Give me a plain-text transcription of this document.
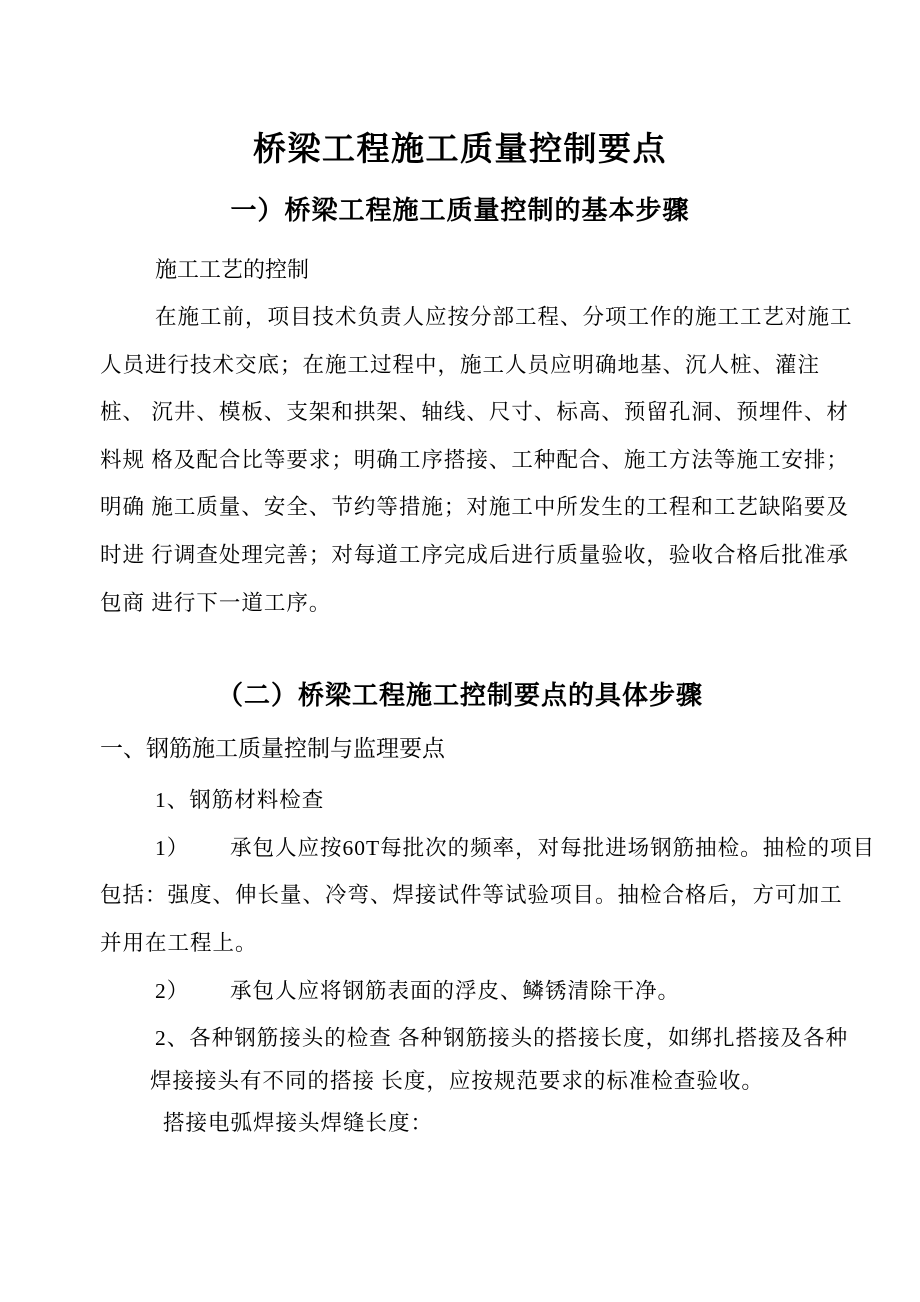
桥梁工程施工质量控制要点
一）桥梁工程施工质量控制的基本步骤

施工工艺的控制

在施工前，项目技术负责人应按分部工程、分项工作的施工工艺对施工
人员进行技术交底；在施工过程中，施工人员应明确地基、沉人桩、灌注
桩、 沉井、模板、支架和拱架、轴线、尺寸、标高、预留孔洞、预埋件、材
料规 格及配合比等要求；明确工序搭接、工种配合、施工方法等施工安排；
明确 施工质量、安全、节约等措施；对施工中所发生的工程和工艺缺陷要及
时进 行调查处理完善；对每道工序完成后进行质量验收，验收合格后批准承
包商 进行下一道工序。
（二）桥梁工程施工控制要点的具体步骤

一、钢筋施工质量控制与监理要点

1、钢筋材料检查
1） 承包人应按60T每批次的频率，对每批进场钢筋抽检。抽检的项目
包括：强度、伸长量、冷弯、焊接试件等试验项目。抽检合格后，方可加工
并用在工程上。
2） 承包人应将钢筋表面的浮皮、鳞锈清除干净。
2、各种钢筋接头的检查 各种钢筋接头的搭接长度，如绑扎搭接及各种
焊接接头有不同的搭接 长度，应按规范要求的标准检查验收。
搭接电弧焊接头焊缝长度：
